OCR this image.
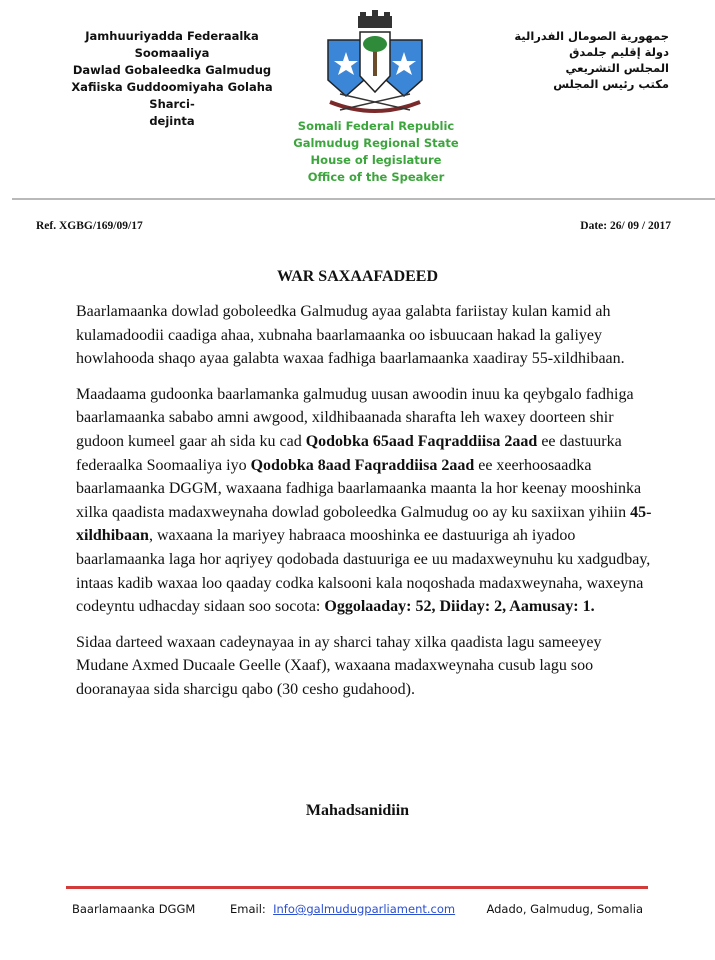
Jamhuuriyadda Federaalka Soomaaliya
Dawlad Gobaleedka Galmudug
Xafiiska Guddoomiyaha Golaha Sharci-
dejinta
جمهورية الصومال الفدرالية
دولة إقليم جلمدق
المجلس التشريعي
مكتب رئيس المجلس
Somali Federal Republic
Galmudug Regional State
House of legislature
Office of the Speaker
Ref. XGBG/169/09/17	Date: 26/ 09 / 2017
WAR SAXAAFADEED

Baarlamaanka dowlad goboleedka Galmudug ayaa galabta fariistay kulan kamid ah kulamadoodii caadiga ahaa, xubnaha baarlamaanka oo isbuucaan hakad la galiyey howlahooda shaqo ayaa galabta waxaa fadhiga baarlamaanka xaadiray 55-xildhibaan.

Maadaama gudoonka baarlamanka galmudug uusan awoodin inuu ka qeybgalo fadhiga baarlamaanka sababo amni awgood, xildhibaanada sharafta leh waxey doorteen shir gudoon kumeel gaar ah sida ku cad Qodobka 65aad Faqraddiisa 2aad ee dastuurka federaalka Soomaaliya iyo Qodobka 8aad Faqraddiisa 2aad ee xeerhoosaadka baarlamaanka DGGM, waxaana fadhiga baarlamaanka maanta la hor keenay mooshinka xilka qaadista madaxweynaha dowlad goboleedka Galmudug oo ay ku saxiixan yihiin 45-xildhibaan, waxaana la mariyey habraaca mooshinka ee dastuuriga ah iyadoo baarlamaanka laga hor aqriyey qodobada dastuuriga ee uu madaxweynuhu ku xadgudbay, intaas kadib waxaa loo qaaday codka kalsooni kala noqoshada madaxweynaha, waxeyna codeyntu udhacday sidaan soo socota: Oggolaaday: 52, Diiday: 2, Aamusay: 1.

Sidaa darteed waxaan cadeynayaa in ay sharci tahay xilka qaadista lagu sameeyey Mudane Axmed Ducaale Geelle (Xaaf), waxaana madaxweynaha cusub lagu soo dooranayaa sida sharcigu qabo (30 cesho gudahood).

Mahadsanidiin
Baarlamaanka DGGM	Email: Info@galmudugparliament.com	Adado, Galmudug, Somalia
